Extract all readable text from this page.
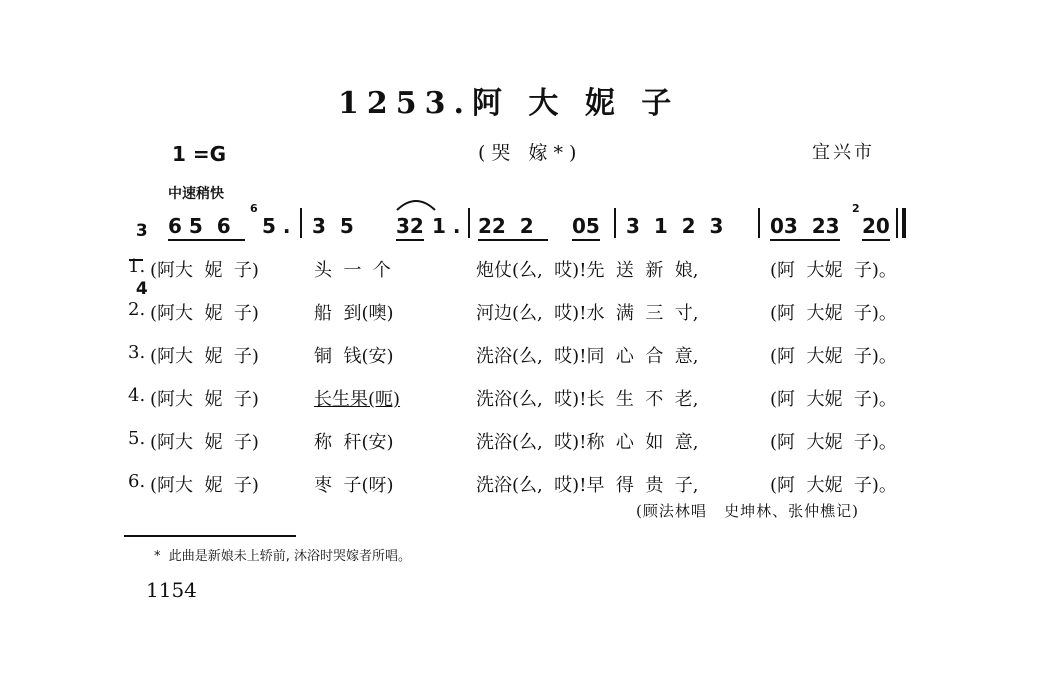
1253.阿 大 妮 子
1 =G	(哭 嫁*)	宜兴市
中速稍快

3

4

6 5  6
6
5 . 3  5 32 1 . 22  2 05 3  1  2  3 03  23
2
20
1. (阿大  妮  子)	头  一  个	炮仗(么,  哎)!先  送  新  娘,	(阿  大妮  子)。
2. (阿大  妮  子)	船  到(噢)	河边(么,  哎)!水  满  三  寸,	(阿  大妮  子)。
3. (阿大  妮  子)	铜  钱(安)	洗浴(么,  哎)!同  心  合  意,	(阿  大妮  子)。
4. (阿大  妮  子)	长生果(呃)	洗浴(么,  哎)!长  生  不  老,	(阿  大妮  子)。
5. (阿大  妮  子)	称  秆(安)	洗浴(么,  哎)!称  心  如  意,	(阿  大妮  子)。
6. (阿大  妮  子)	枣  子(呀)	洗浴(么,  哎)!早  得  贵  子,	(阿  大妮  子)。
(顾法林唱   史坤林、张仲樵记)
*  此曲是新娘未上轿前, 沐浴时哭嫁者所唱。
1154
